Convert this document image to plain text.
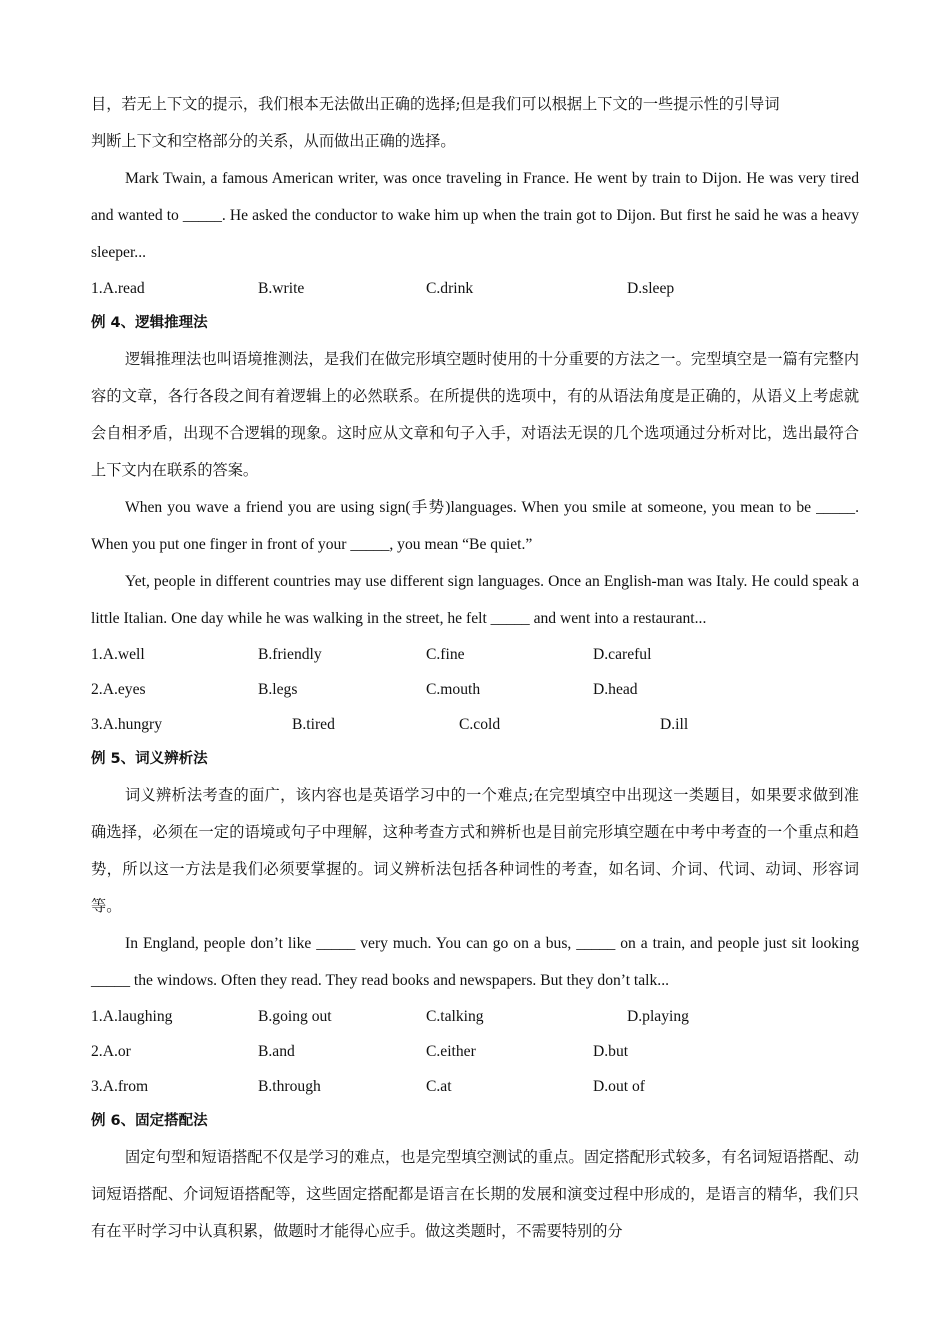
目，若无上下文的提示，我们根本无法做出正确的选择;但是我们可以根据上下文的一些提示性的引导词

判断上下文和空格部分的关系，从而做出正确的选择。

Mark Twain, a famous American writer, was once traveling in France. He went by train to Dijon. He was very tired and wanted to _____. He asked the conductor to wake him up when the train got to Dijon. But first he said he was a heavy sleeper...

1.A.read	B.write	C.drink	D.sleep

例 4、逻辑推理法

逻辑推理法也叫语境推测法，是我们在做完形填空题时使用的十分重要的方法之一。完型填空是一篇有完整内容的文章，各行各段之间有着逻辑上的必然联系。在所提供的选项中，有的从语法角度是正确的，从语义上考虑就会自相矛盾，出现不合逻辑的现象。这时应从文章和句子入手，对语法无误的几个选项通过分析对比，选出最符合上下文内在联系的答案。

When you wave a friend you are using sign(手势)languages. When you smile at someone, you mean to be _____. When you put one finger in front of your _____, you mean “Be quiet.”

Yet, people in different countries may use different sign languages. Once an English-man was Italy. He could speak a little Italian. One day while he was walking in the street, he felt _____ and went into a restaurant...

1.A.well	B.friendly	C.fine	D.careful
2.A.eyes	B.legs	C.mouth	D.head
3.A.hungry	B.tired	C.cold	D.ill

例 5、词义辨析法

词义辨析法考查的面广，该内容也是英语学习中的一个难点;在完型填空中出现这一类题目，如果要求做到准确选择，必须在一定的语境或句子中理解，这种考查方式和辨析也是目前完形填空题在中考中考查的一个重点和趋势，所以这一方法是我们必须要掌握的。词义辨析法包括各种词性的考查，如名词、介词、代词、动词、形容词等。

In England, people don’t like _____ very much. You can go on a bus, _____ on a train, and people just sit looking _____ the windows. Often they read. They read books and newspapers. But they don’t talk...

1.A.laughing	B.going out	C.talking	D.playing
2.A.or	B.and	C.either	D.but
3.A.from	B.through	C.at	D.out of

例 6、固定搭配法

固定句型和短语搭配不仅是学习的难点，也是完型填空测试的重点。固定搭配形式较多，有名词短语搭配、动词短语搭配、介词短语搭配等，这些固定搭配都是语言在长期的发展和演变过程中形成的，是语言的精华，我们只有在平时学习中认真积累，做题时才能得心应手。做这类题时，不需要特别的分
